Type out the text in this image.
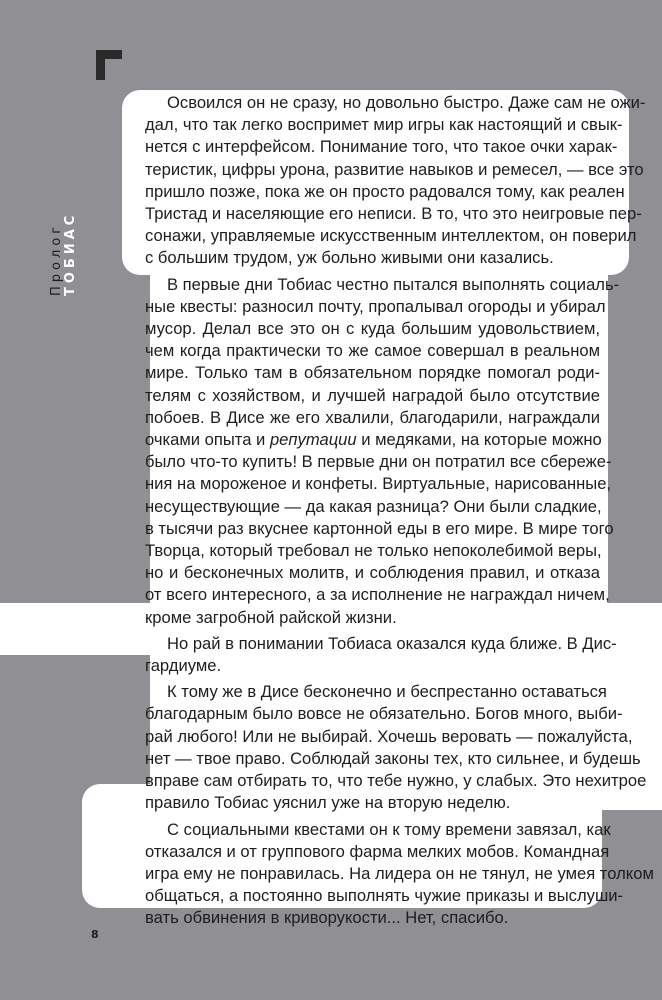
Пролог ТОБИАС
Освоился он не сразу, но довольно быстро. Даже сам не ожи-
дал, что так легко воспримет мир игры как настоящий и свык-
нется с интерфейсом. Понимание того, что такое очки харак-
теристик, цифры урона, развитие навыков и ремесел, — все это
пришло позже, пока же он просто радовался тому, как реален
Тристад и населяющие его неписи. В то, что это неигровые пер-
сонажи, управляемые искусственным интеллектом, он поверил
с большим трудом, уж больно живыми они казались.
В первые дни Тобиас честно пытался выполнять социаль-
ные квесты: разносил почту, пропалывал огороды и убирал
мусор. Делал все это он с куда большим удовольствием,
чем когда практически то же самое совершал в реальном
мире. Только там в обязательном порядке помогал роди-
телям с хозяйством, и лучшей наградой было отсутствие
побоев. В Дисе же его хвалили, благодарили, награждали
очками опыта и репутации и медяками, на которые можно
было что-то купить! В первые дни он потратил все сбереже-
ния на мороженое и конфеты. Виртуальные, нарисованные,
несуществующие — да какая разница? Они были сладкие,
в тысячи раз вкуснее картонной еды в его мире. В мире того
Творца, который требовал не только непоколебимой веры,
но и бесконечных молитв, и соблюдения правил, и отказа
от всего интересного, а за исполнение не награждал ничем,
кроме загробной райской жизни.
Но рай в понимании Тобиаса оказался куда ближе. В Дис-
гардиуме.
К тому же в Дисе бесконечно и беспрестанно оставаться
благодарным было вовсе не обязательно. Богов много, выби-
рай любого! Или не выбирай. Хочешь веровать — пожалуйста,
нет — твое право. Соблюдай законы тех, кто сильнее, и будешь
вправе сам отбирать то, что тебе нужно, у слабых. Это нехитрое
правило Тобиас уяснил уже на вторую неделю.
С социальными квестами он к тому времени завязал, как
отказался и от группового фарма мелких мобов. Командная
игра ему не понравилась. На лидера он не тянул, не умея толком
общаться, а постоянно выполнять чужие приказы и выслуши-
вать обвинения в криворукости... Нет, спасибо.
8
